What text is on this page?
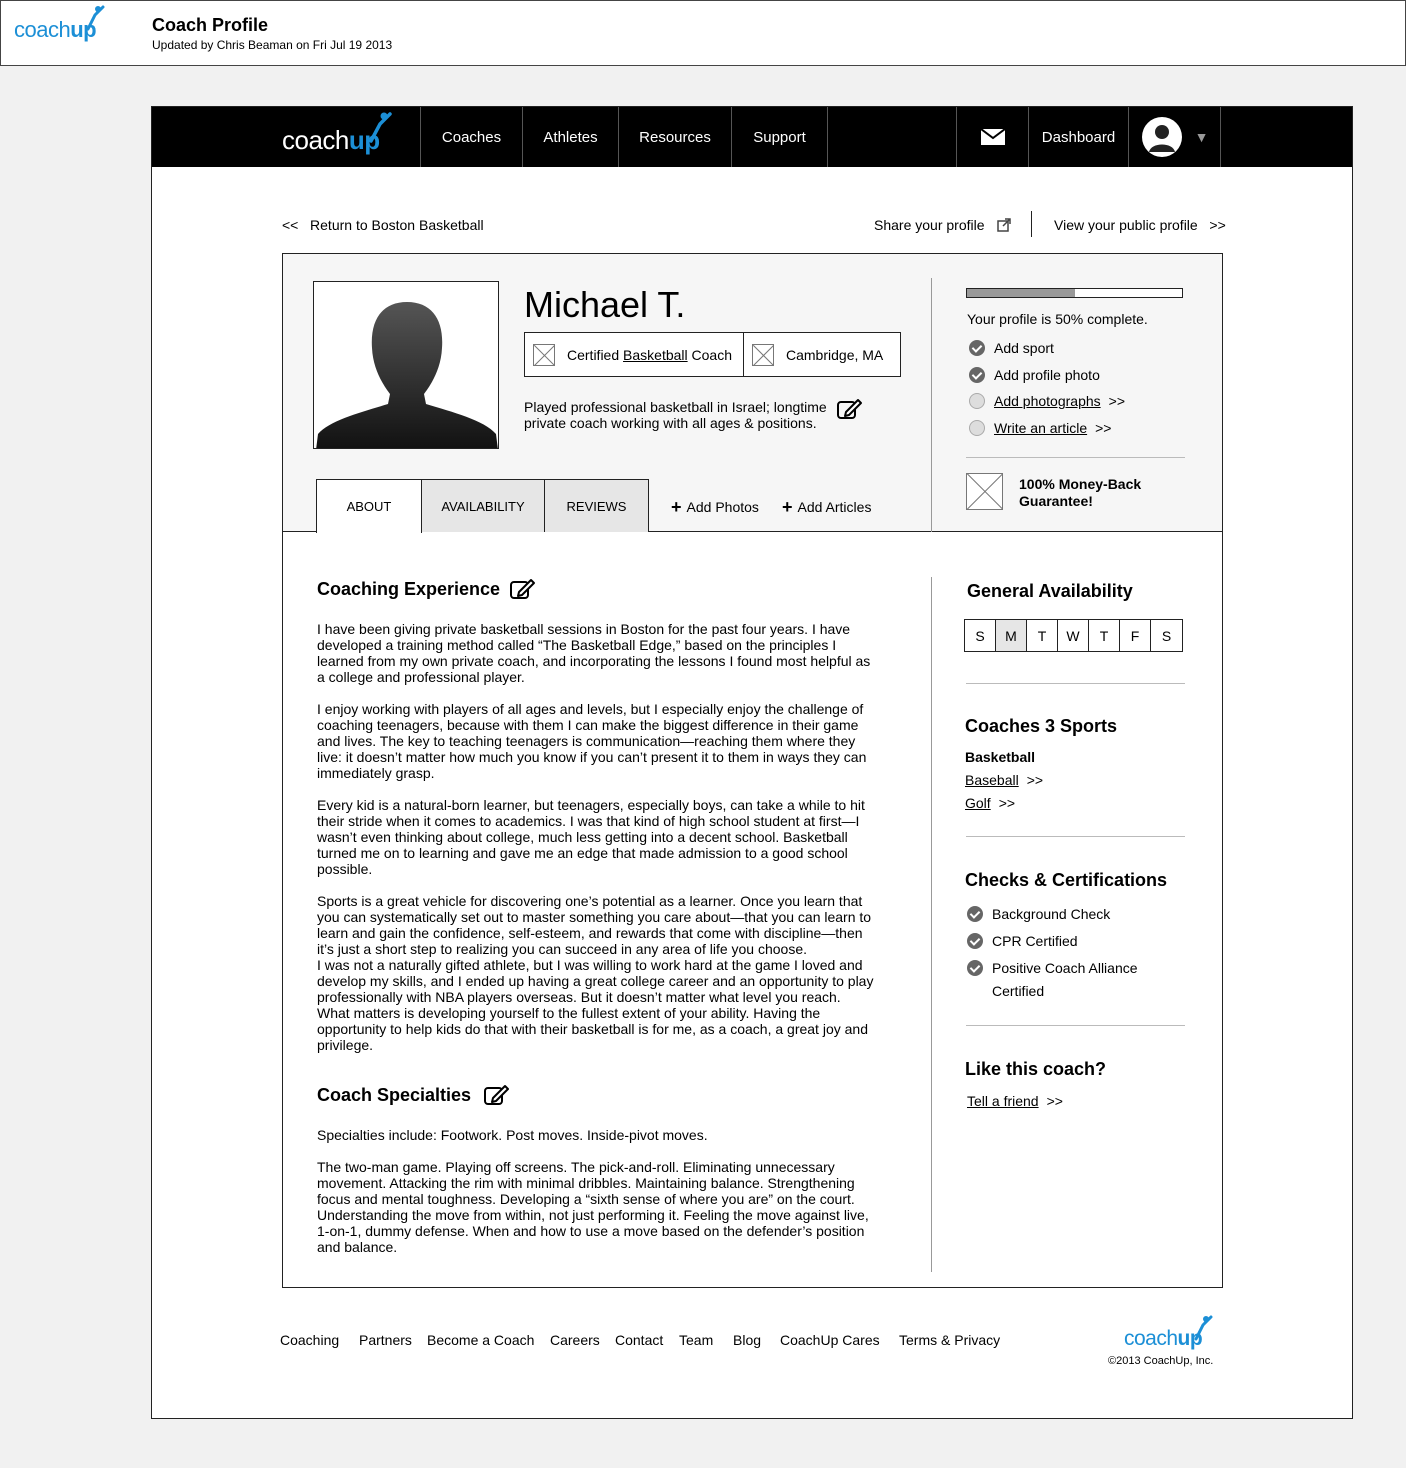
coachup	Coach Profile
Updated by Chris Beaman on Fri Jul 19 2013
coachup	Coaches	Athletes	Resources	Support	Dashboard	▼
<< Return to Boston Basketball	Share your profile	View your public profile >>
Michael T.
Certified Basketball Coach	Cambridge, MA
Played professional basketball in Israel; longtime private coach working with all ages & positions.
ABOUT	AVAILABILITY	REVIEWS + Add Photos + Add Articles
Your profile is 50% complete.
Add sport
Add profile photo
Add photographs >>
Write an article >>
100% Money-Back
Guarantee!
Coaching Experience
I have been giving private basketball sessions in Boston for the past four years. I have developed a training method called “The Basketball Edge,” based on the principles I learned from my own private coach, and incorporating the lessons I found most helpful as a college and professional player.
I enjoy working with players of all ages and levels, but I especially enjoy the challenge of coaching teenagers, because with them I can make the biggest difference in their game and lives. The key to teaching teenagers is communication—reaching them where they live: it doesn’t matter how much you know if you can’t present it to them in ways they can immediately grasp.
Every kid is a natural-born learner, but teenagers, especially boys, can take a while to hit their stride when it comes to academics. I was that kind of high school student at first—I wasn’t even thinking about college, much less getting into a decent school. Basketball turned me on to learning and gave me an edge that made admission to a good school possible.
Sports is a great vehicle for discovering one’s potential as a learner. Once you learn that you can systematically set out to master something you care about—that you can learn to learn and gain the confidence, self-esteem, and rewards that come with discipline—then it’s just a short step to realizing you can succeed in any area of life you choose.
I was not a naturally gifted athlete, but I was willing to work hard at the game I loved and develop my skills, and I ended up having a great college career and an opportunity to play professionally with NBA players overseas. But it doesn’t matter what level you reach. What matters is developing yourself to the fullest extent of your ability. Having the opportunity to help kids do that with their basketball is for me, as a coach, a great joy and privilege.
Coach Specialties
Specialties include: Footwork. Post moves. Inside-pivot moves.
The two-man game. Playing off screens. The pick-and-roll. Eliminating unnecessary movement. Attacking the rim with minimal dribbles. Maintaining balance. Strengthening focus and mental toughness. Developing a “sixth sense of where you are” on the court. Understanding the move from within, not just performing it. Feeling the move against live, 1-on-1, dummy defense. When and how to use a move based on the defender’s position and balance.
General Availability
S	M	T	W	T	F	S
Coaches 3 Sports
Basketball
Baseball >>
Golf >>
Checks & Certifications
Background Check
CPR Certified
Positive Coach Alliance
Certified
Like this coach?
Tell a friend >>
Coaching Partners Become a Coach Careers Contact Team Blog CoachUp Cares Terms & Privacy	coachup
©2013 CoachUp, Inc.
